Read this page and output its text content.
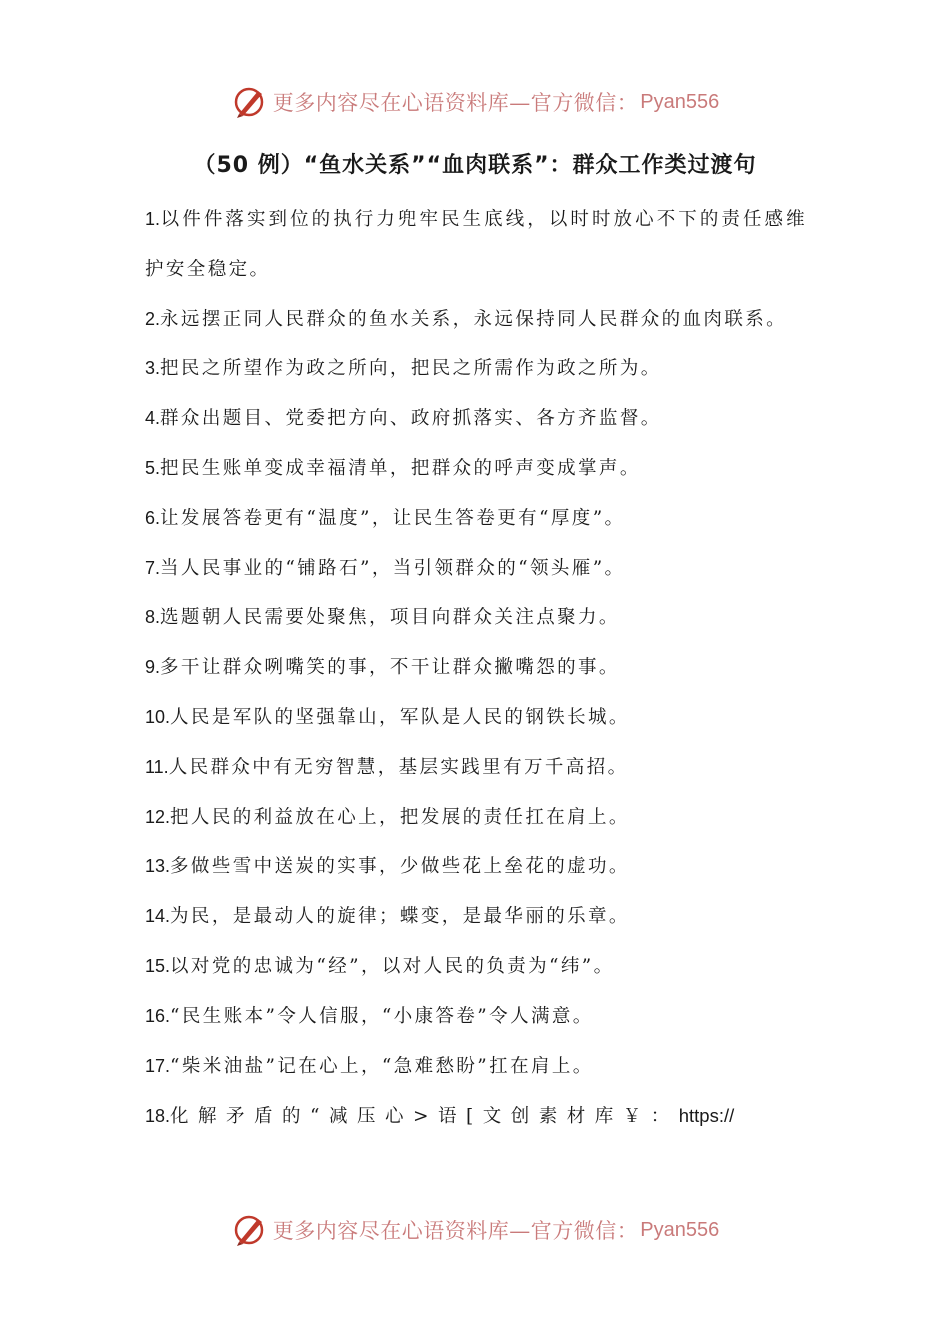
更多内容尽在心语资料库—官方微信： Pyan556
（50 例）“鱼水关系”“血肉联系”：群众工作类过渡句
1.以件件落实到位的执行力兜牢民生底线，以时时放心不下的责任感维护安全稳定。
2.永远摆正同人民群众的鱼水关系，永远保持同人民群众的血肉联系。
3.把民之所望作为政之所向，把民之所需作为政之所为。
4.群众出题目、党委把方向、政府抓落实、各方齐监督。
5.把民生账单变成幸福清单，把群众的呼声变成掌声。
6.让发展答卷更有“温度”，让民生答卷更有“厚度”。
7.当人民事业的“铺路石”，当引领群众的“领头雁”。
8.选题朝人民需要处聚焦，项目向群众关注点聚力。
9.多干让群众咧嘴笑的事，不干让群众撇嘴怨的事。
10.人民是军队的坚强靠山，军队是人民的钢铁长城。
11.人民群众中有无穷智慧，基层实践里有万千高招。
12.把人民的利益放在心上，把发展的责任扛在肩上。
13.多做些雪中送炭的实事，少做些花上垒花的虚功。
14.为民，是最动人的旋律；蝶变，是最华丽的乐章。
15.以对党的忠诚为“经”，以对人民的负责为“纬”。
16.“民生账本”令人信服，“小康答卷”令人满意。
17.“柴米油盐”记在心上，“急难愁盼”扛在肩上。
18.化解矛盾的“减压心>语[文创素材库￥：https://
更多内容尽在心语资料库—官方微信： Pyan556
